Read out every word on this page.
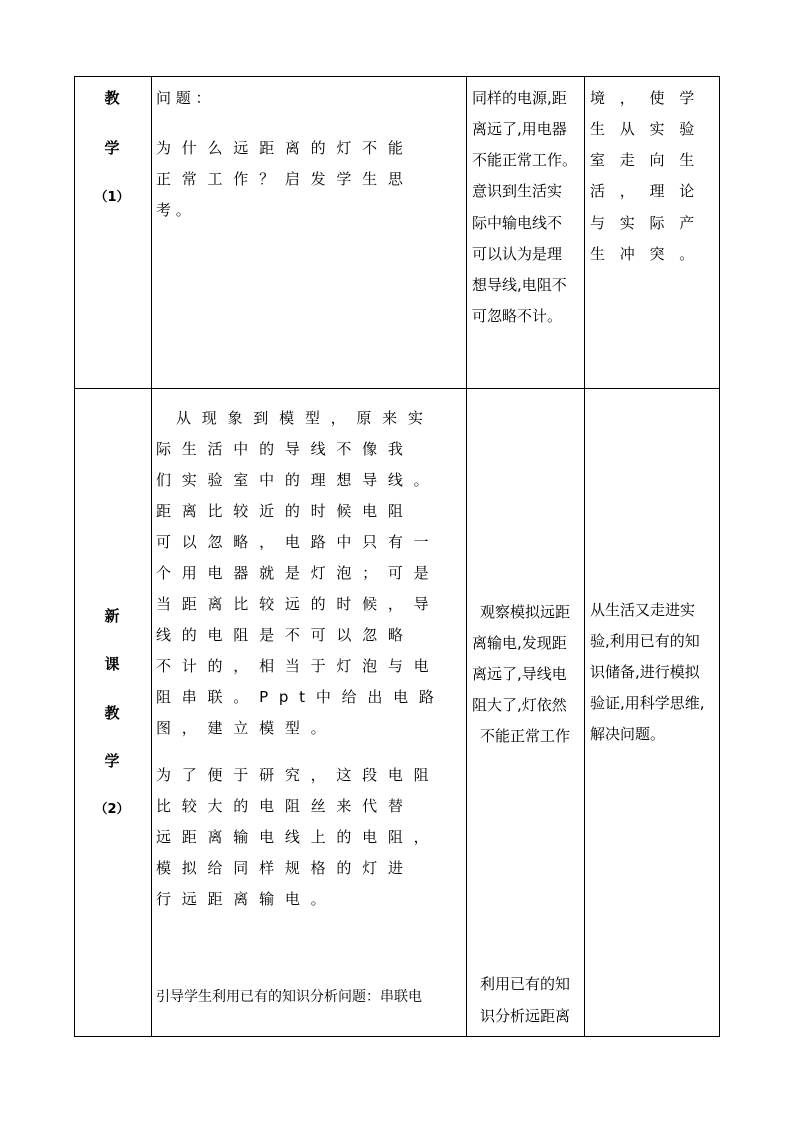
教
学
（1）
问 题 ：
为 什 么 远 距 离 的 灯 不 能
正 常 工 作 ？ 启 发 学 生 思
考 。
同样的电源,距
离远了,用电器
不能正常工作。
意识到生活实
际中输电线不
可以认为是理
想导线,电阻不
可忽略不计。
境 ， 使 学
生 从 实 验
室 走 向 生
活 ， 理 论
与 实 际 产
生 冲 突 。
新
课
教
学
（2）
从 现 象 到 模 型 ， 原 来 实
际 生 活 中 的 导 线 不 像 我
们 实 验 室 中 的 理 想 导 线 。
距 离 比 较 近 的 时 候 电 阻
可 以 忽 略 ， 电 路 中 只 有 一
个 用 电 器 就 是 灯 泡 ； 可 是
当 距 离 比 较 远 的 时 候 ， 导
线 的 电 阻 是 不 可 以 忽 略
不 计 的 ， 相 当 于 灯 泡 与 电
阻 串 联 。 P p t 中 给 出 电 路
图 ， 建 立 模 型 。
为 了 便 于 研 究 ， 这 段 电 阻
比 较 大 的 电 阻 丝 来 代 替
远 距 离 输 电 线 上 的 电 阻 ，
模 拟 给 同 样 规 格 的 灯 进
行 远 距 离 输 电 。
引导学生利用已有的知识分析问题：串联电
观察模拟远距
离输电,发现距
离远了,导线电
阻大了,灯依然
不能正常工作
利用已有的知
识分析远距离
从生活又走进实
验,利用已有的知
识储备,进行模拟
验证,用科学思维,
解决问题。
